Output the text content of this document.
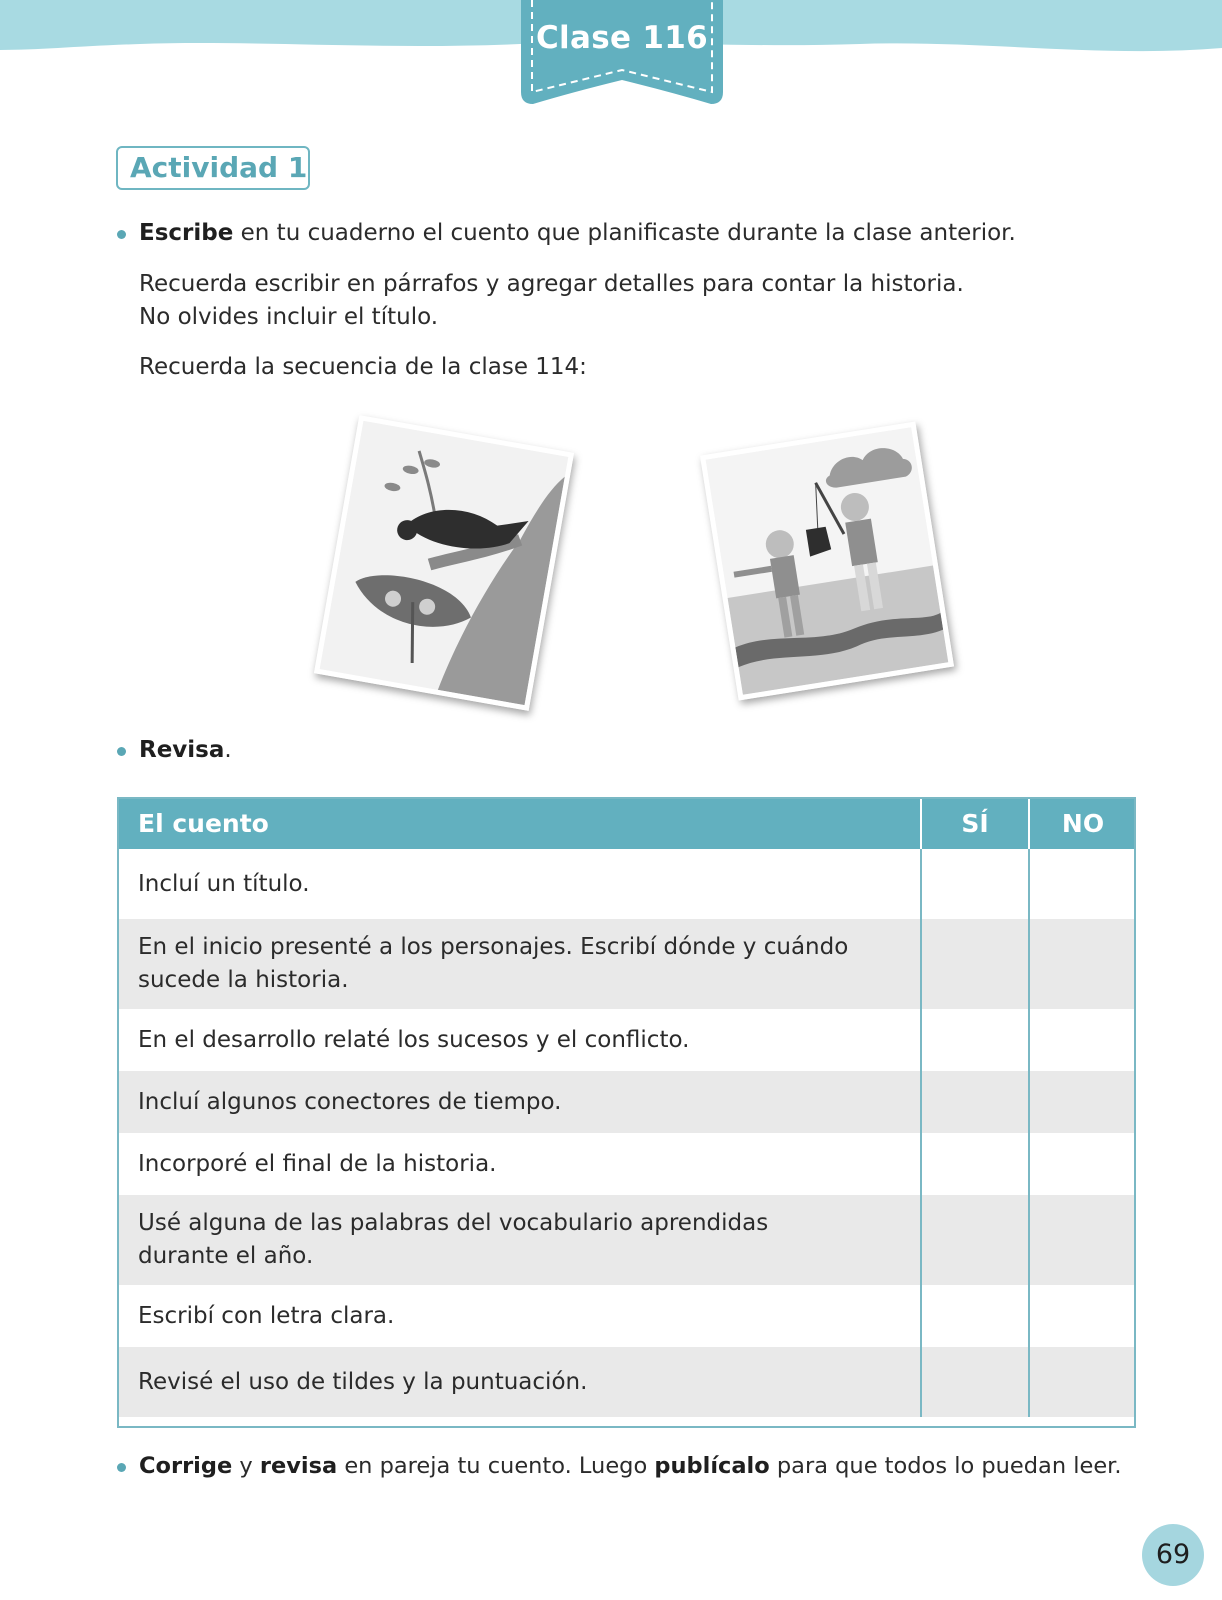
Clase 116
Actividad 1
Escribe en tu cuaderno el cuento que planificaste durante la clase anterior.
Recuerda escribir en párrafos y agregar detalles para contar la historia.
No olvides incluir el título.
Recuerda la secuencia de la clase 114:
Revisa.
El cuento	SÍ	NO
Incluí un título.		
En el inicio presenté a los personajes. Escribí dónde y cuándo sucede la historia.		
En el desarrollo relaté los sucesos y el conflicto.		
Incluí algunos conectores de tiempo.		
Incorporé el final de la historia.		
Usé alguna de las palabras del vocabulario aprendidas durante el año.		
Escribí con letra clara.		
Revisé el uso de tildes y la puntuación.		
Corrige y revisa en pareja tu cuento. Luego publícalo para que todos lo puedan leer.
69
